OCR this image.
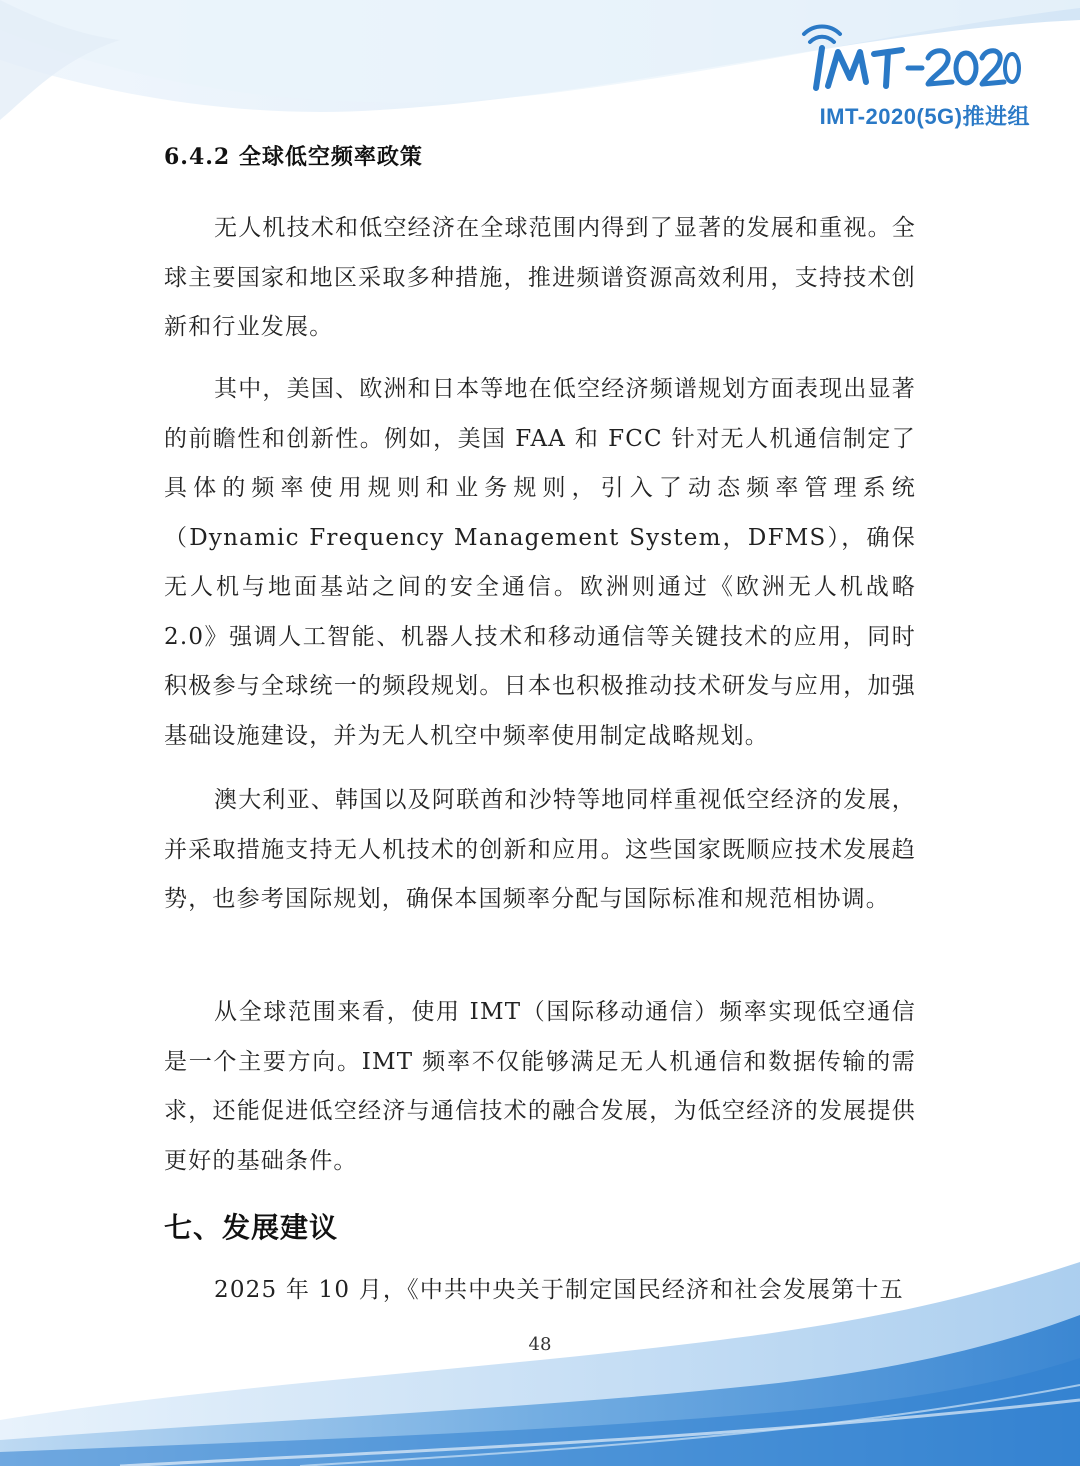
IMT-2020(5G)推进组
6.4.2 全球低空频率政策

无人机技术和低空经济在全球范围内得到了显著的发展和重视。全球主要国家和地区采取多种措施，推进频谱资源高效利用，支持技术创新和行业发展。

其中，美国、欧洲和日本等地在低空经济频谱规划方面表现出显著的前瞻性和创新性。例如，美国 FAA 和 FCC 针对无人机通信制定了具体的频率使用规则和业务规则，引入了动态频率管理系统（Dynamic Frequency Management System，DFMS），确保无人机与地面基站之间的安全通信。欧洲则通过《欧洲无人机战略 2.0》强调人工智能、机器人技术和移动通信等关键技术的应用，同时积极参与全球统一的频段规划。日本也积极推动技术研发与应用，加强基础设施建设，并为无人机空中频率使用制定战略规划。

澳大利亚、韩国以及阿联酋和沙特等地同样重视低空经济的发展，并采取措施支持无人机技术的创新和应用。这些国家既顺应技术发展趋势，也参考国际规划，确保本国频率分配与国际标准和规范相协调。

从全球范围来看，使用 IMT（国际移动通信）频率实现低空通信是一个主要方向。IMT 频率不仅能够满足无人机通信和数据传输的需求，还能促进低空经济与通信技术的融合发展，为低空经济的发展提供更好的基础条件。

七、发展建议

2025 年 10 月，《中共中央关于制定国民经济和社会发展第十五

48
